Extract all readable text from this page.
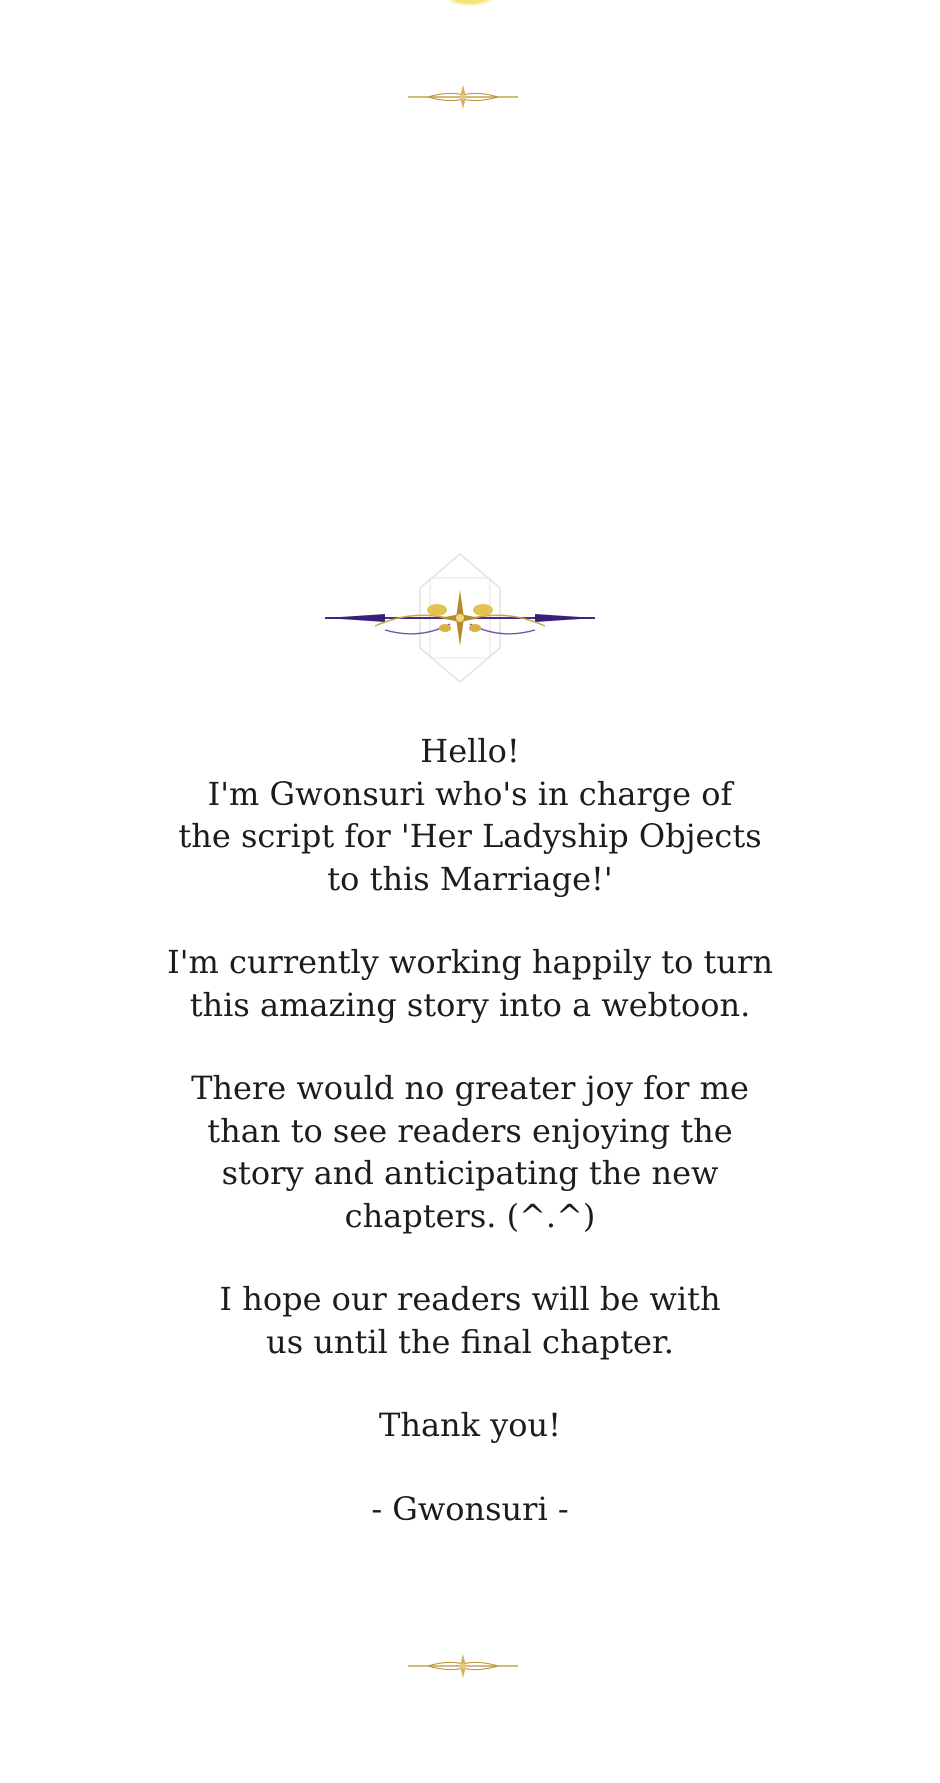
Hello!
I'm Gwonsuri who's in charge of
the script for 'Her Ladyship Objects
to this Marriage!'

I'm currently working happily to turn
this amazing story into a webtoon.

There would no greater joy for me
than to see readers enjoying the
story and anticipating the new
chapters. (^.^)

I hope our readers will be with
us until the final chapter.

Thank you!

- Gwonsuri -
